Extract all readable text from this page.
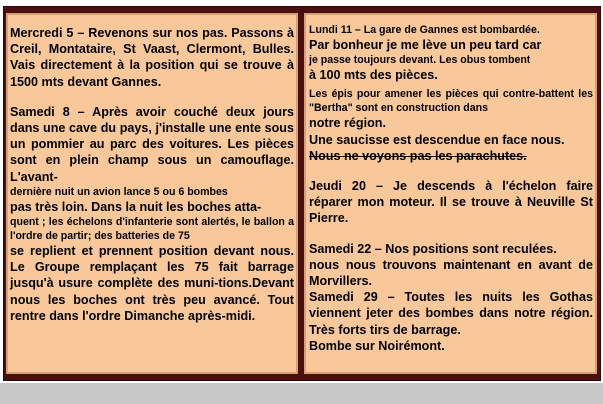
Mercredi 5 – Revenons sur nos pas. Passons à Creil, Montataire, St Vaast, Clermont, Bulles. Vais directement à la position qui se trouve à 1500 mts devant Gannes.

Samedi 8 – Après avoir couché deux jours dans une cave du pays, j'installe une ente sous un pommier au parc des voitures. Les pièces sont en plein champ sous un camouflage. L'avant-

dernière nuit un avion lance 5 ou 6 bombes

pas très loin. Dans la nuit les boches atta-

quent ; les échelons d'infanterie sont alertés, le ballon a l'ordre de partir; des batteries de 75

se replient et prennent position devant nous. Le Groupe remplaçant les 75 fait barrage jusqu'à usure complète des muni-tions.Devant nous les boches ont très peu avancé. Tout rentre dans l'ordre Dimanche après-midi.

Lundi 11 – La gare de Gannes est bombardée.

Par bonheur je me lève un peu tard car

je passe toujours devant. Les obus tombent

à 100 mts des pièces.

Les épis pour amener les pièces qui contre-battent les "Bertha" sont en construction dans

notre région.

Une saucisse est descendue en face nous.

Nous ne voyons pas les parachutes.

Jeudi 20 – Je descends à l'échelon faire réparer mon moteur. Il se trouve à Neuville St Pierre.

Samedi 22 – Nos positions sont reculées.

nous nous trouvons maintenant en avant de Morvillers.

Samedi 29 – Toutes les nuits les Gothas viennent jeter des bombes dans notre région. Très forts tirs de barrage.

Bombe sur Noirémont.
